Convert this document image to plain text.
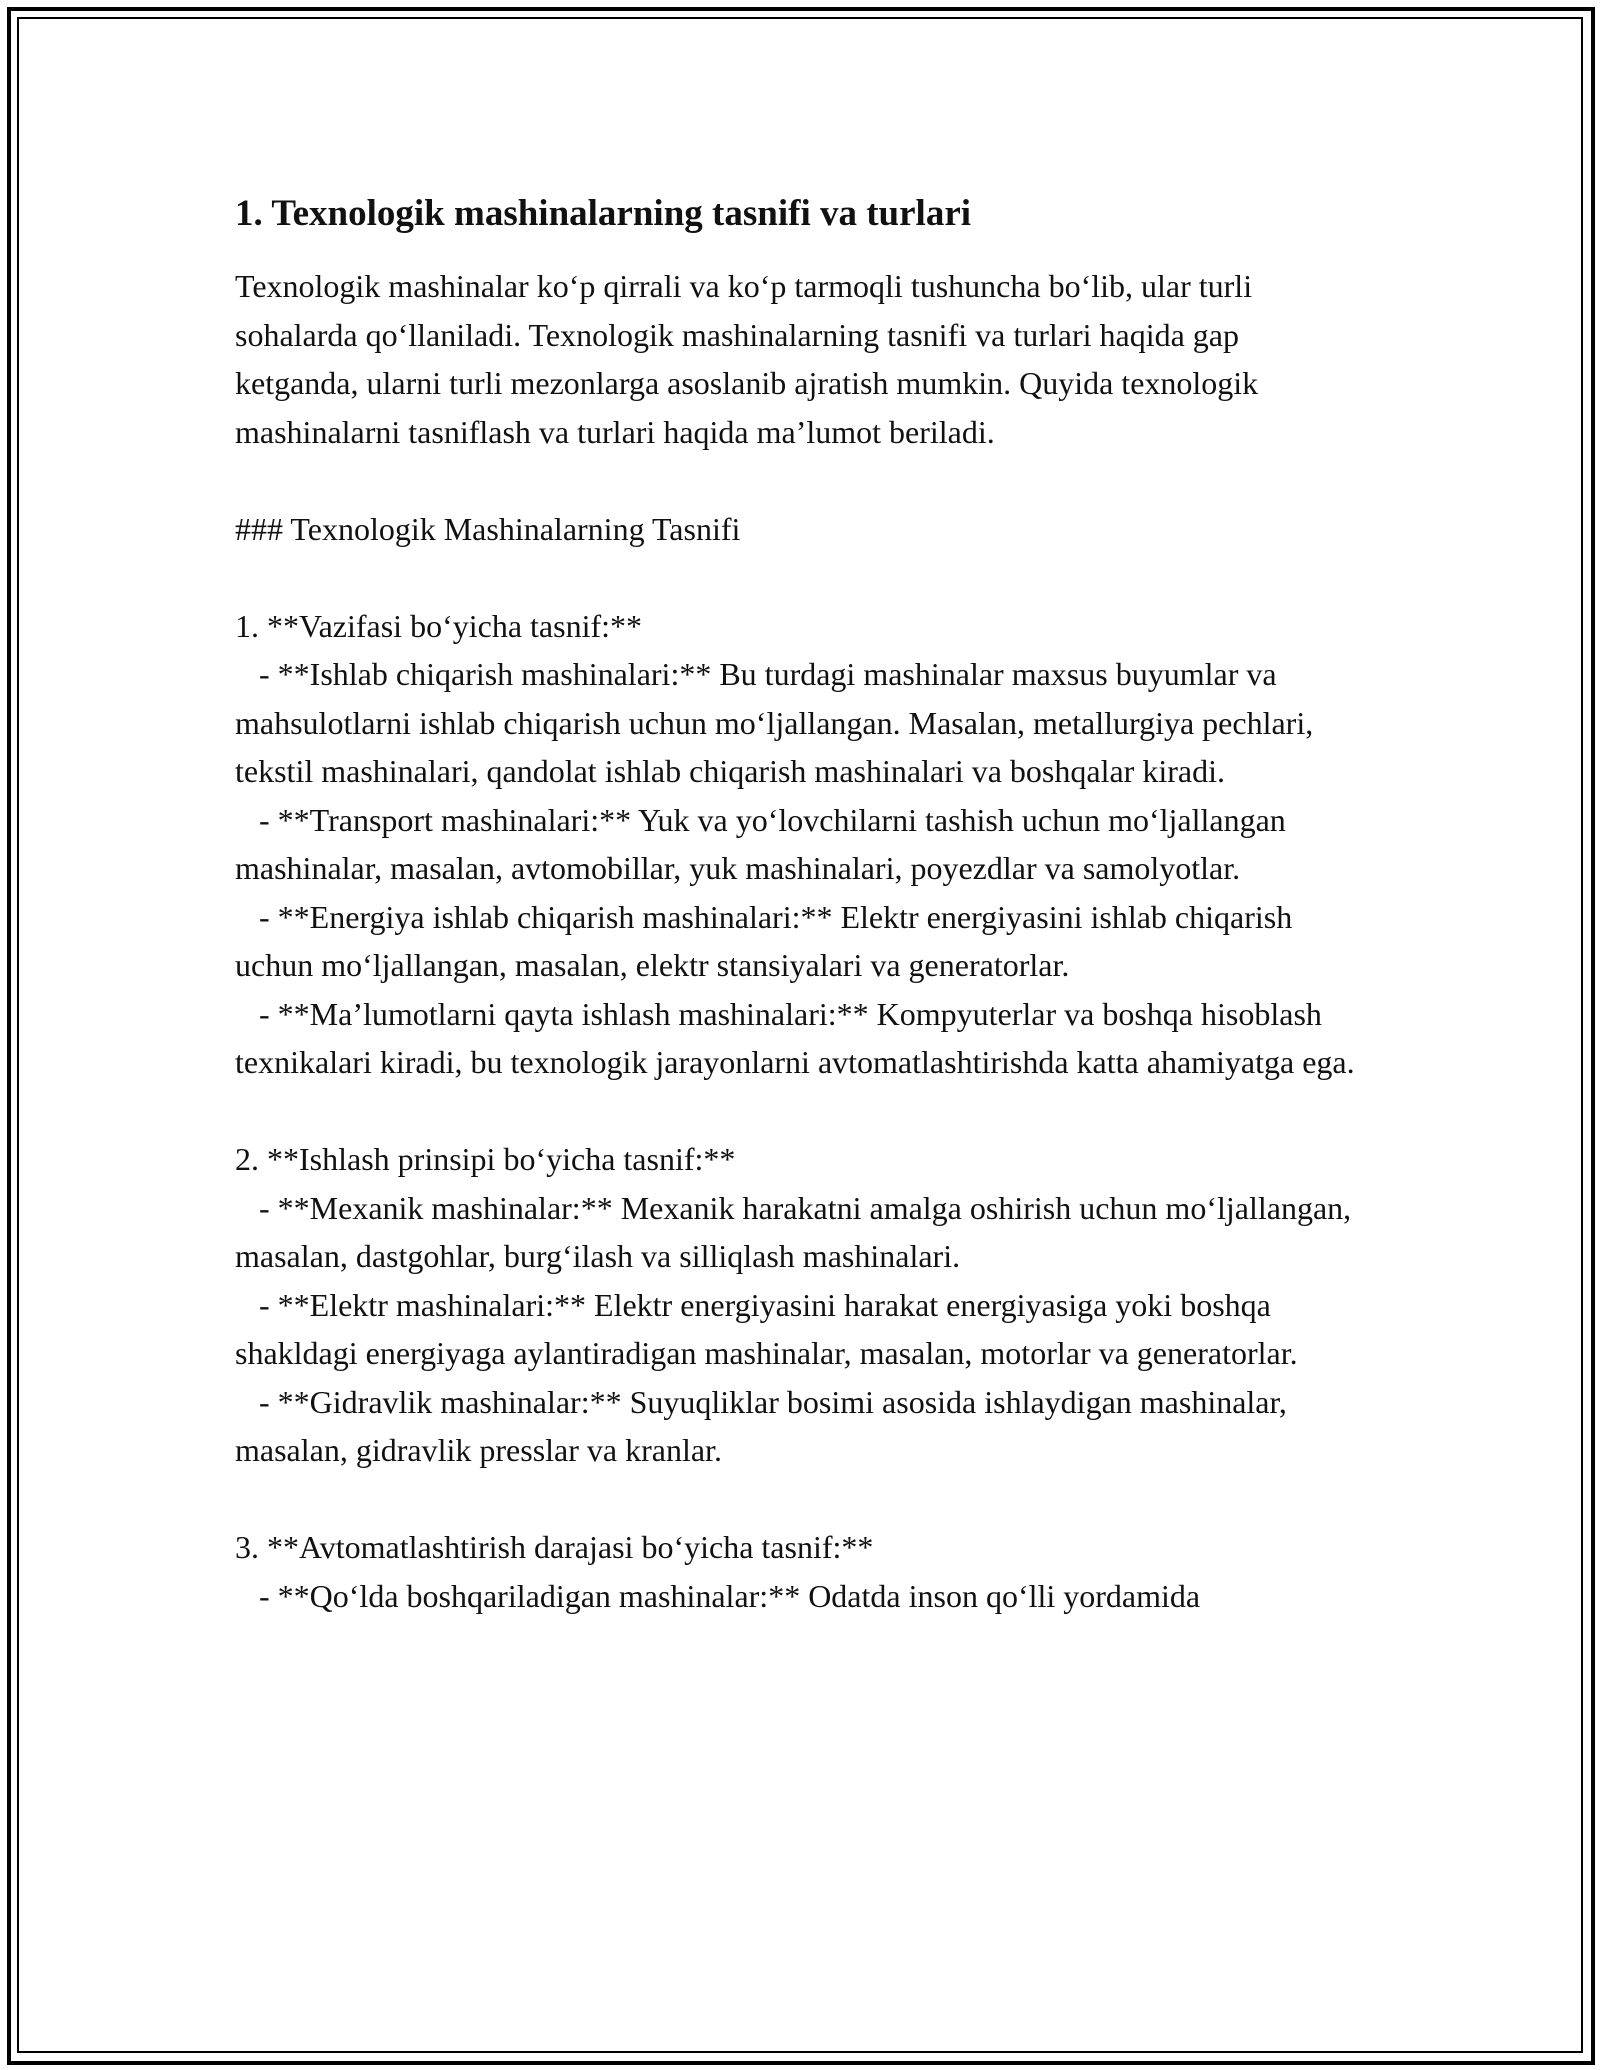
1. Texnologik mashinalarning tasnifi va turlari

Texnologik mashinalar ko‘p qirrali va ko‘p tarmoqli tushuncha bo‘lib, ular turli sohalarda qo‘llaniladi. Texnologik mashinalarning tasnifi va turlari haqida gap ketganda, ularni turli mezonlarga asoslanib ajratish mumkin. Quyida texnologik mashinalarni tasniflash va turlari haqida ma’lumot beriladi.

### Texnologik Mashinalarning Tasnifi

1. **Vazifasi bo‘yicha tasnif:**

- **Ishlab chiqarish mashinalari:** Bu turdagi mashinalar maxsus buyumlar va mahsulotlarni ishlab chiqarish uchun mo‘ljallangan. Masalan, metallurgiya pechlari, tekstil mashinalari, qandolat ishlab chiqarish mashinalari va boshqalar kiradi.

- **Transport mashinalari:** Yuk va yo‘lovchilarni tashish uchun mo‘ljallangan mashinalar, masalan, avtomobillar, yuk mashinalari, poyezdlar va samolyotlar.

- **Energiya ishlab chiqarish mashinalari:** Elektr energiyasini ishlab chiqarish uchun mo‘ljallangan, masalan, elektr stansiyalari va generatorlar.

- **Ma’lumotlarni qayta ishlash mashinalari:** Kompyuterlar va boshqa hisoblash texnikalari kiradi, bu texnologik jarayonlarni avtomatlashtirishda katta ahamiyatga ega.

2. **Ishlash prinsipi bo‘yicha tasnif:**

- **Mexanik mashinalar:** Mexanik harakatni amalga oshirish uchun mo‘ljallangan, masalan, dastgohlar, burg‘ilash va silliqlash mashinalari.

- **Elektr mashinalari:** Elektr energiyasini harakat energiyasiga yoki boshqa shakldagi energiyaga aylantiradigan mashinalar, masalan, motorlar va generatorlar.

- **Gidravlik mashinalar:** Suyuqliklar bosimi asosida ishlaydigan mashinalar, masalan, gidravlik presslar va kranlar.

3. **Avtomatlashtirish darajasi bo‘yicha tasnif:**

- **Qo‘lda boshqariladigan mashinalar:** Odatda inson qo‘lli yordamida
